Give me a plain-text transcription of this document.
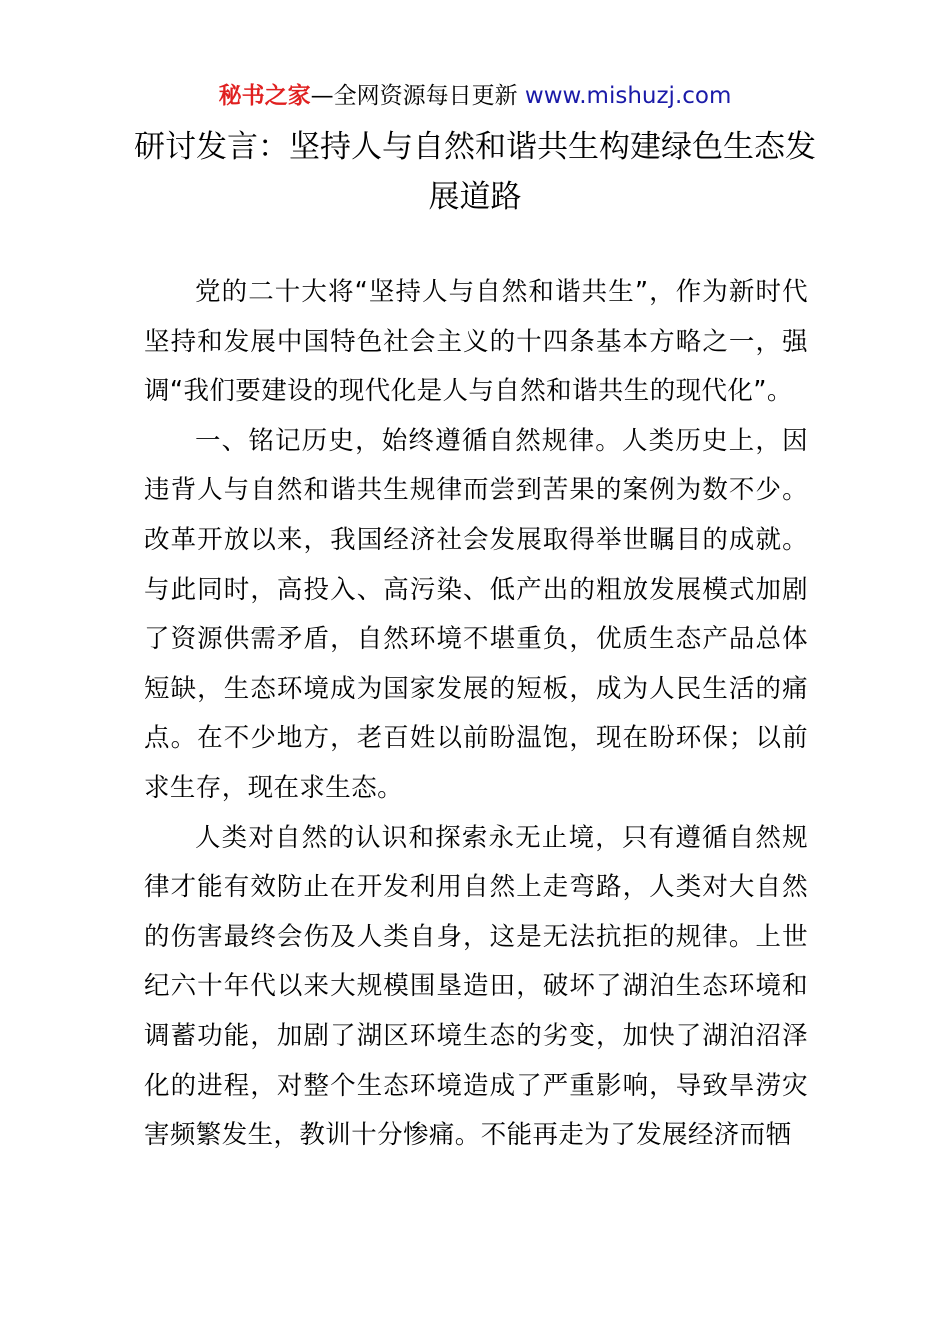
秘书之家—全网资源每日更新 www.mishuzj.com
研讨发言：坚持人与自然和谐共生构建绿色生态发展道路

党的二十大将“坚持人与自然和谐共生”，作为新时代坚持和发展中国特色社会主义的十四条基本方略之一，强调“我们要建设的现代化是人与自然和谐共生的现代化”。

一、铭记历史，始终遵循自然规律。人类历史上，因违背人与自然和谐共生规律而尝到苦果的案例为数不少。改革开放以来，我国经济社会发展取得举世瞩目的成就。与此同时，高投入、高污染、低产出的粗放发展模式加剧了资源供需矛盾，自然环境不堪重负，优质生态产品总体短缺，生态环境成为国家发展的短板，成为人民生活的痛点。在不少地方，老百姓以前盼温饱，现在盼环保；以前求生存，现在求生态。

人类对自然的认识和探索永无止境，只有遵循自然规律才能有效防止在开发利用自然上走弯路，人类对大自然的伤害最终会伤及人类自身，这是无法抗拒的规律。上世纪六十年代以来大规模围垦造田，破坏了湖泊生态环境和调蓄功能，加剧了湖区环境生态的劣变，加快了湖泊沼泽化的进程，对整个生态环境造成了严重影响，导致旱涝灾害频繁发生，教训十分惨痛。不能再走为了发展经济而牺
